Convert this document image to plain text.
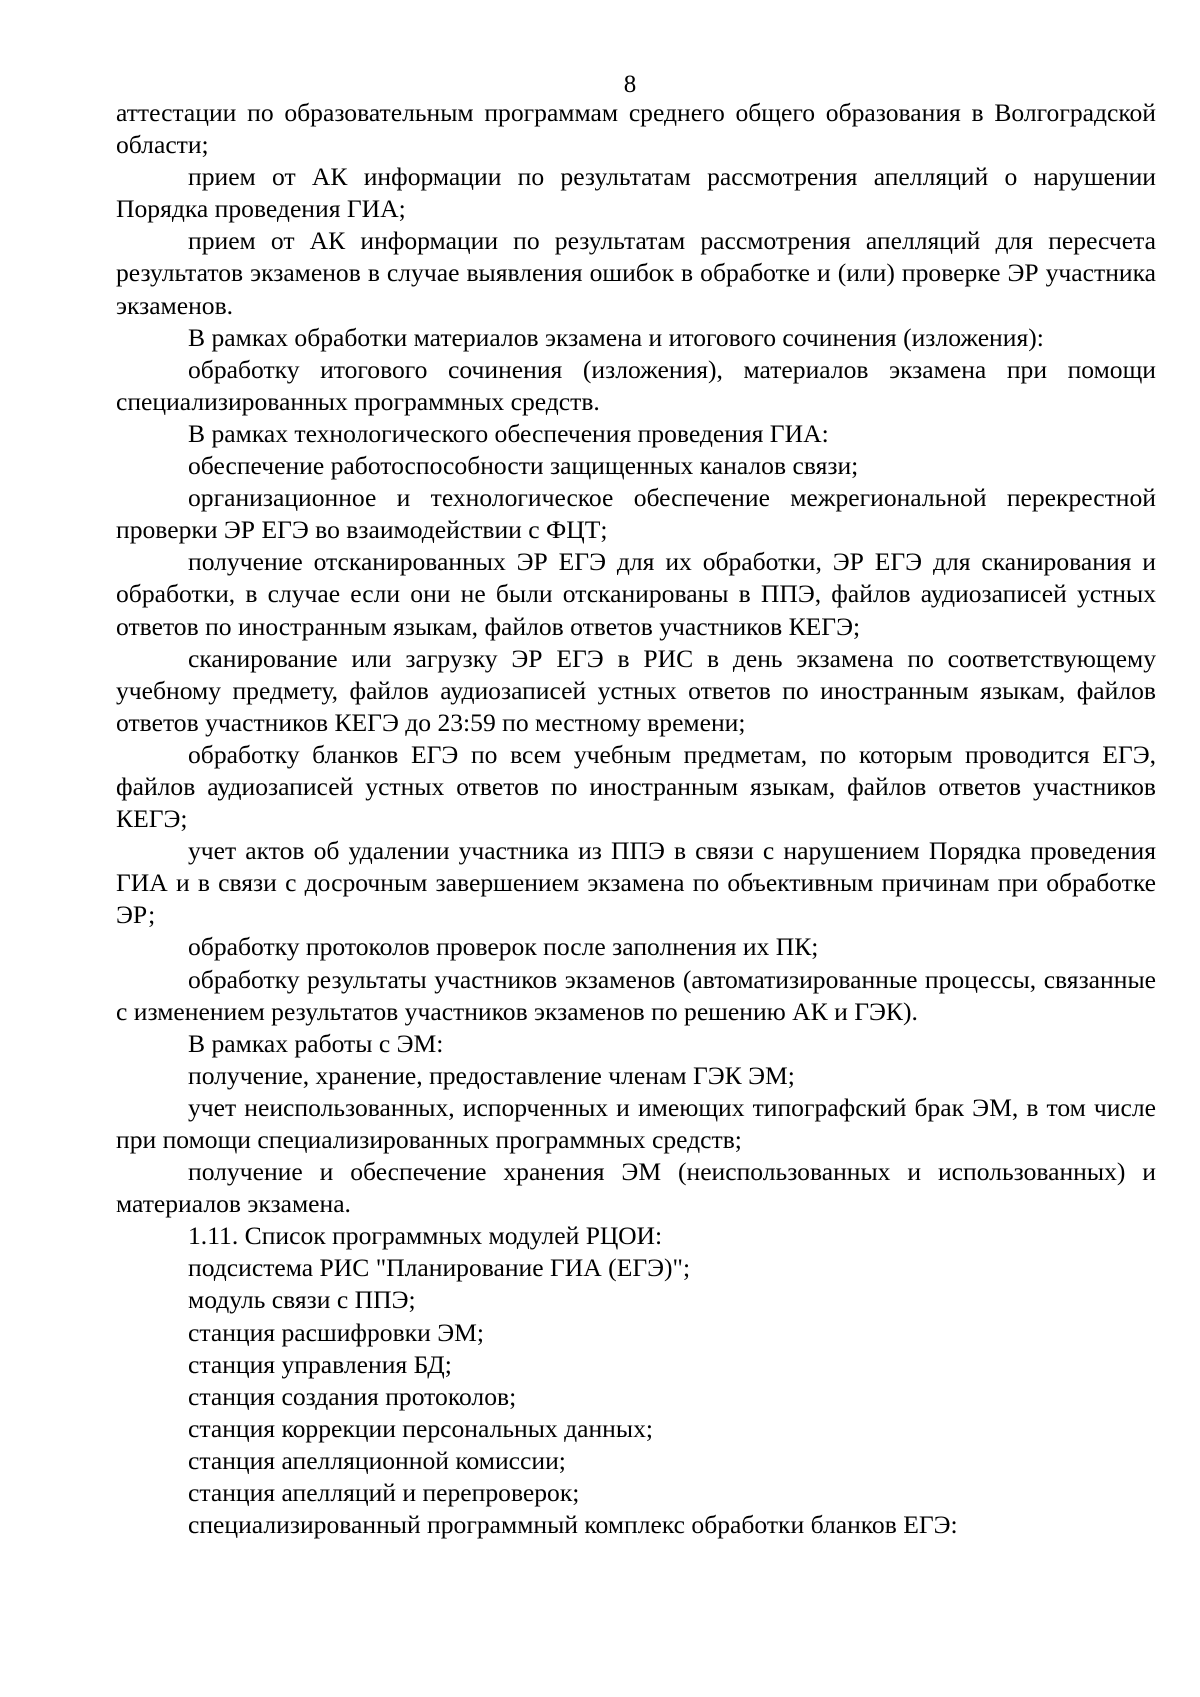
8

аттестации по образовательным программам среднего общего образования в Волгоградской области;

прием от АК информации по результатам рассмотрения апелляций о нарушении Порядка проведения ГИА;

прием от АК информации по результатам рассмотрения апелляций для пересчета результатов экзаменов в случае выявления ошибок в обработке и (или) проверке ЭР участника экзаменов.

В рамках обработки материалов экзамена и итогового сочинения (изложения):

обработку итогового сочинения (изложения), материалов экзамена при помощи специализированных программных средств.

В рамках технологического обеспечения проведения ГИА:

обеспечение работоспособности защищенных каналов связи;

организационное и технологическое обеспечение межрегиональной перекрестной проверки ЭР ЕГЭ во взаимодействии с ФЦТ;

получение отсканированных ЭР ЕГЭ для их обработки, ЭР ЕГЭ для сканирования и обработки, в случае если они не были отсканированы в ППЭ, файлов аудиозаписей устных ответов по иностранным языкам, файлов ответов участников КЕГЭ;

сканирование или загрузку ЭР ЕГЭ в РИС в день экзамена по соответствующему учебному предмету, файлов аудиозаписей устных ответов по иностранным языкам, файлов ответов участников КЕГЭ до 23:59 по местному времени;

обработку бланков ЕГЭ по всем учебным предметам, по которым проводится ЕГЭ, файлов аудиозаписей устных ответов по иностранным языкам, файлов ответов участников КЕГЭ;

учет актов об удалении участника из ППЭ в связи с нарушением Порядка проведения ГИА и в связи с досрочным завершением экзамена по объективным причинам при обработке ЭР;

обработку протоколов проверок после заполнения их ПК;

обработку результаты участников экзаменов (автоматизированные процессы, связанные с изменением результатов участников экзаменов по решению АК и ГЭК).

В рамках работы с ЭМ:

получение, хранение, предоставление членам ГЭК ЭМ;

учет неиспользованных, испорченных и имеющих типографский брак ЭМ, в том числе при помощи специализированных программных средств;

получение и обеспечение хранения ЭМ (неиспользованных и использованных) и материалов экзамена.

1.11. Список программных модулей РЦОИ:

подсистема РИС "Планирование ГИА (ЕГЭ)";

модуль связи с ППЭ;

станция расшифровки ЭМ;

станция управления БД;

станция создания протоколов;

станция коррекции персональных данных;

станция апелляционной комиссии;

станция апелляций и перепроверок;

специализированный программный комплекс обработки бланков ЕГЭ:
